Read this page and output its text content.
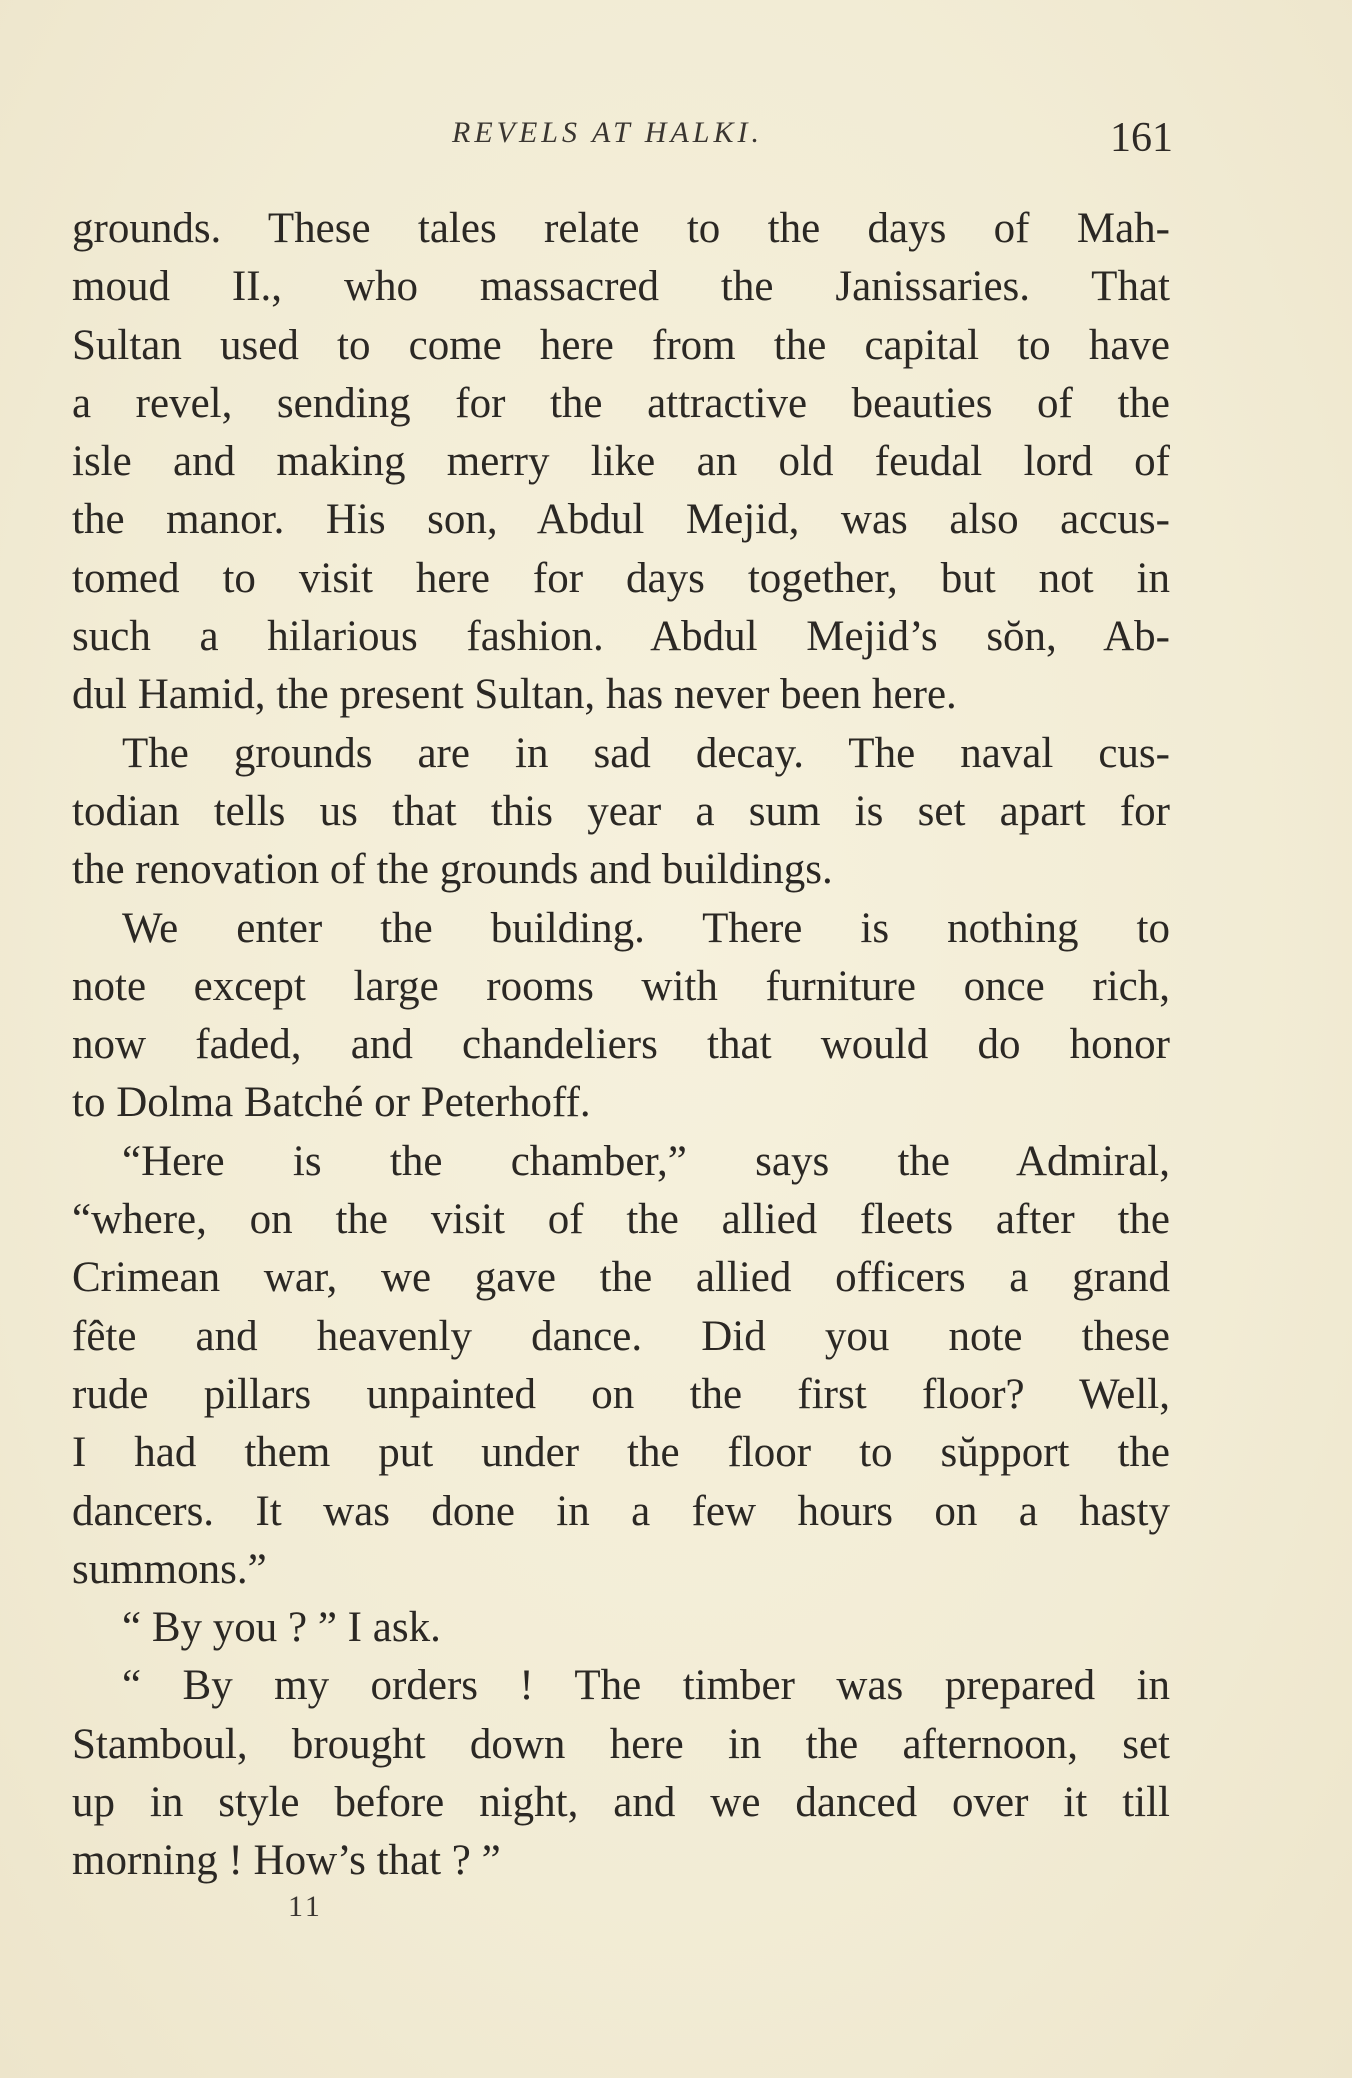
REVELS AT HALKI.	161
grounds. These tales relate to the days of Mah-
moud II., who massacred the Janissaries. That
Sultan used to come here from the capital to have
a revel, sending for the attractive beauties of the
isle and making merry like an old feudal lord of
the manor. His son, Abdul Mejid, was also accus-
tomed to visit here for days together, but not in
such a hilarious fashion. Abdul Mejid’s sŏn, Ab-
dul Hamid, the present Sultan, has never been here.
The grounds are in sad decay. The naval cus-
todian tells us that this year a sum is set apart for
the renovation of the grounds and buildings.
We enter the building. There is nothing to
note except large rooms with furniture once rich,
now faded, and chandeliers that would do honor
to Dolma Batché or Peterhoff.
“Here is the chamber,” says the Admiral,
“where, on the visit of the allied fleets after the
Crimean war, we gave the allied officers a grand
fête and heavenly dance. Did you note these
rude pillars unpainted on the first floor? Well,
I had them put under the floor to sŭpport the
dancers. It was done in a few hours on a hasty
summons.”
“ By you ? ” I ask.
“ By my orders ! The timber was prepared in
Stamboul, brought down here in the afternoon, set
up in style before night, and we danced over it till
morning ! How’s that ? ”
11
